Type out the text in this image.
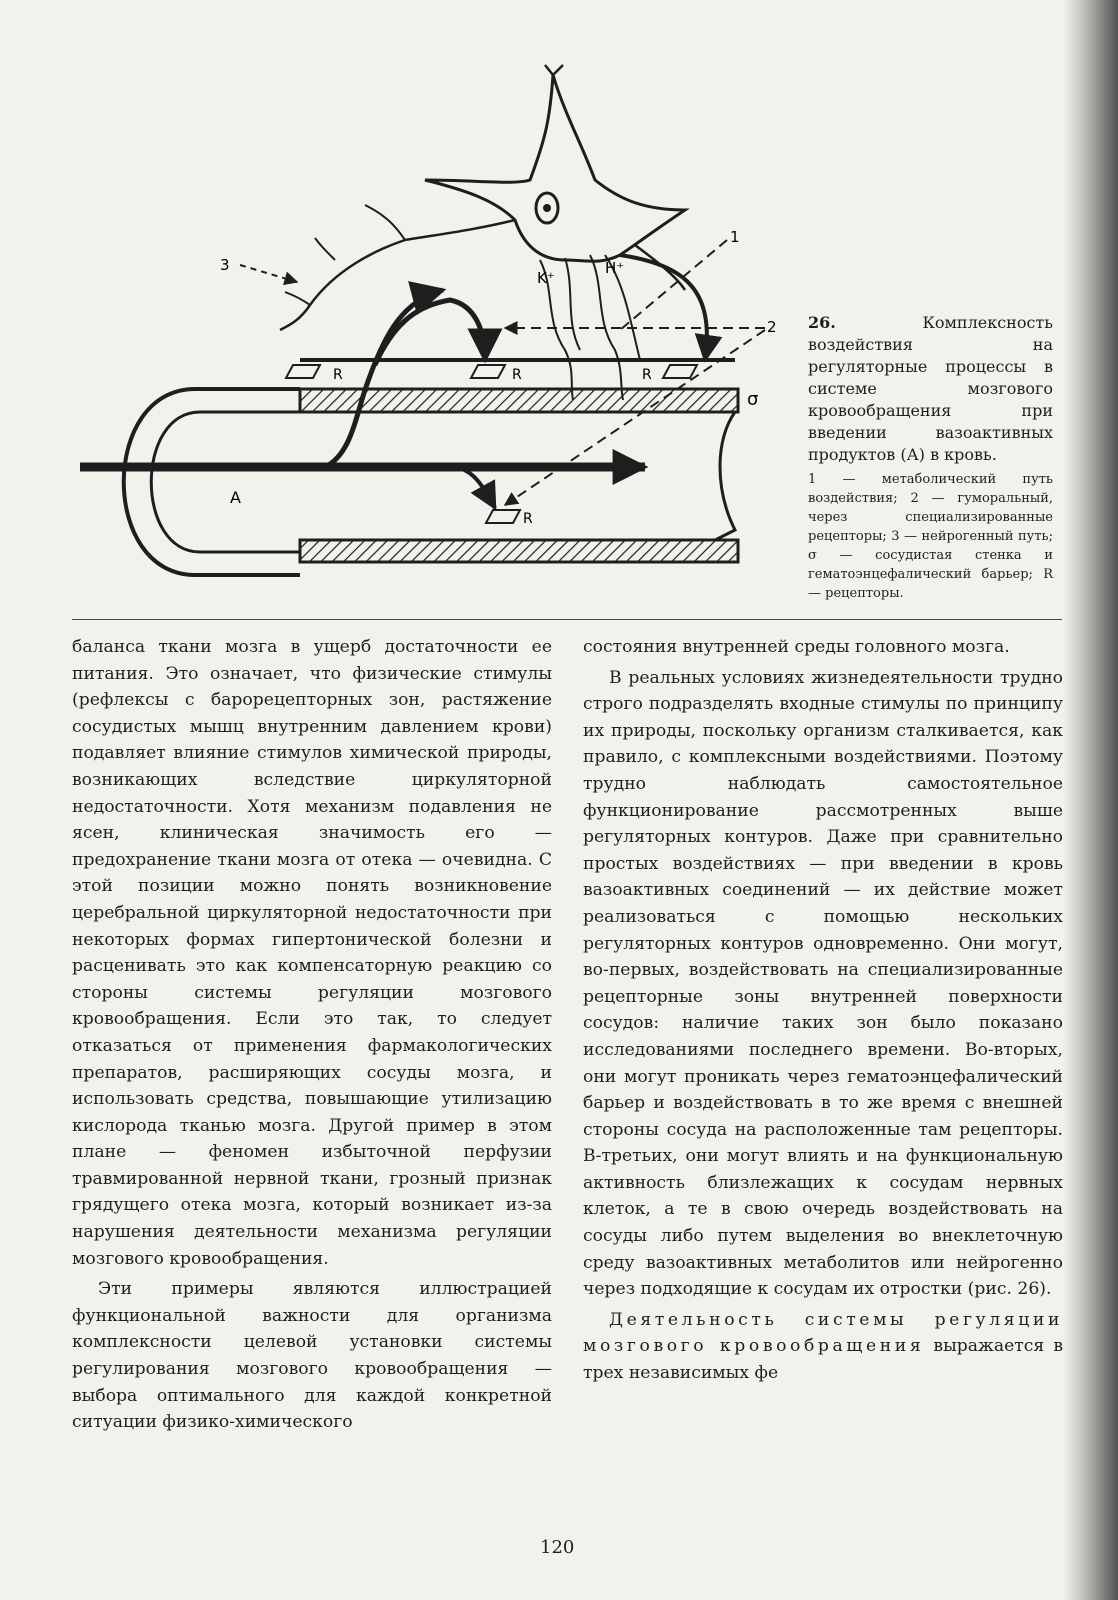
A
K⁺
H⁺
R	R	R
R
σ
1
2
3
26.	Комплексность воздействия на регуляторные процессы в системе мозгового кровообращения при введении вазоактивных продуктов (А) в кровь.
1 — метаболический путь воздействия; 2 — гуморальный, через специализированные рецепторы; 3 — нейрогенный путь; σ — сосудистая стенка и гематоэнцефалический барьер; R — рецепторы.

баланса ткани мозга в ущерб достаточности ее питания. Это означает, что физические стимулы (рефлексы с барорецепторных зон, растяжение сосудистых мышц внутренним давлением крови) подавляет влияние стимулов химической природы, возникающих вследствие циркуляторной недостаточности. Хотя механизм подавления не ясен, клиническая значимость его — предохранение ткани мозга от отека — очевидна. С этой позиции можно понять возникновение церебральной циркуляторной недостаточности при некоторых формах гипертонической болезни и расценивать это как компенсаторную реакцию со стороны системы регуляции мозгового кровообращения. Если это так, то следует отказаться от применения фармакологических препаратов, расширяющих сосуды мозга, и использовать средства, повышающие утилизацию кислорода тканью мозга. Другой пример в этом плане — феномен избыточной перфузии травмированной нервной ткани, грозный признак грядущего отека мозга, который возникает из-за нарушения деятельности механизма регуляции мозгового кровообращения.

Эти примеры являются иллюстрацией функциональной важности для организма комплексности целевой установки системы регулирования мозгового кровообращения — выбора оптимального для каждой конкретной ситуации физико-химического

состояния внутренней среды головного мозга.

В реальных условиях жизнедеятельности трудно строго подразделять входные стимулы по принципу их природы, поскольку организм сталкивается, как правило, с комплексными воздействиями. Поэтому трудно наблюдать самостоятельное функционирование рассмотренных выше регуляторных контуров. Даже при сравнительно простых воздействиях — при введении в кровь вазоактивных соединений — их действие может реализоваться с помощью нескольких регуляторных контуров одновременно. Они могут, во-первых, воздействовать на специализированные рецепторные зоны внутренней поверхности сосудов: наличие таких зон было показано исследованиями последнего времени. Во-вторых, они могут проникать через гематоэнцефалический барьер и воздействовать в то же время с внешней стороны сосуда на расположенные там рецепторы. В-третьих, они могут влиять и на функциональную активность близлежащих к сосудам нервных клеток, а те в свою очередь воздействовать на сосуды либо путем выделения во внеклеточную среду вазоактивных метаболитов или нейрогенно через подходящие к сосудам их отростки (рис. 26).

Деятельность системы регуляции мозгового кровообращения выражается в трех независимых фе

120
